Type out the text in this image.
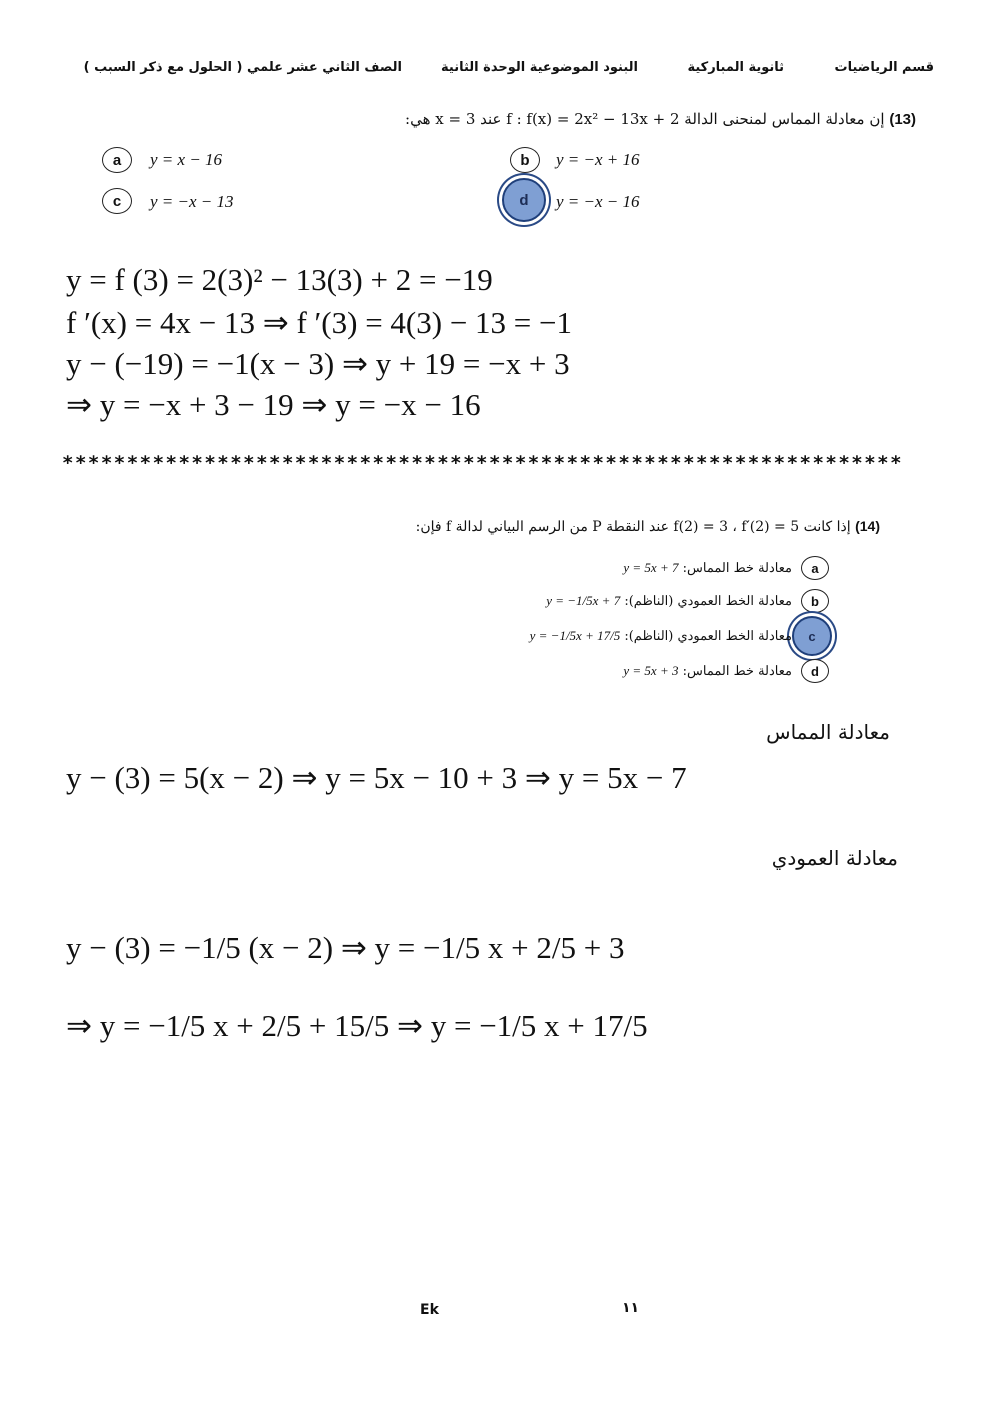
قسم الرياضيات
ثانوية المباركية
البنود الموضوعية الوحدة الثانية
الصف الثاني عشر علمي ( الحلول مع ذكر السبب )
(13) إن معادلة المماس لمنحنى الدالة f : f(x) = 2x² − 13x + 2 عند x = 3 هي:
a	y = x − 16	b	y = −x + 16
c	y = −x − 13	d	y = −x − 16
y = f (3) = 2(3)² − 13(3) + 2 = −19
f ′(x) = 4x − 13 ⇒ f ′(3) = 4(3) − 13 = −1
y − (−19) = −1(x − 3) ⇒ y + 19 = −x + 3
⇒ y = −x + 3 − 19 ⇒ y = −x − 16
*****************************************************************
(14) إذا كانت f(2) = 3 ، f′(2) = 5 عند النقطة P من الرسم البياني لدالة f فإن:
a
معادلة خط المماس: y = 5x + 7
b
معادلة الخط العمودي (الناظم): y = −1/5x + 7
c
معادلة الخط العمودي (الناظم): y = −1/5x + 17/5
d
معادلة خط المماس: y = 5x + 3
معادلة المماس
y − (3) = 5(x − 2) ⇒ y = 5x − 10 + 3 ⇒ y = 5x − 7
معادلة العمودي
y − (3) = −1/5 (x − 2) ⇒ y = −1/5 x + 2/5 + 3
⇒ y = −1/5 x + 2/5 + 15/5 ⇒ y = −1/5 x + 17/5
Ek	١١
